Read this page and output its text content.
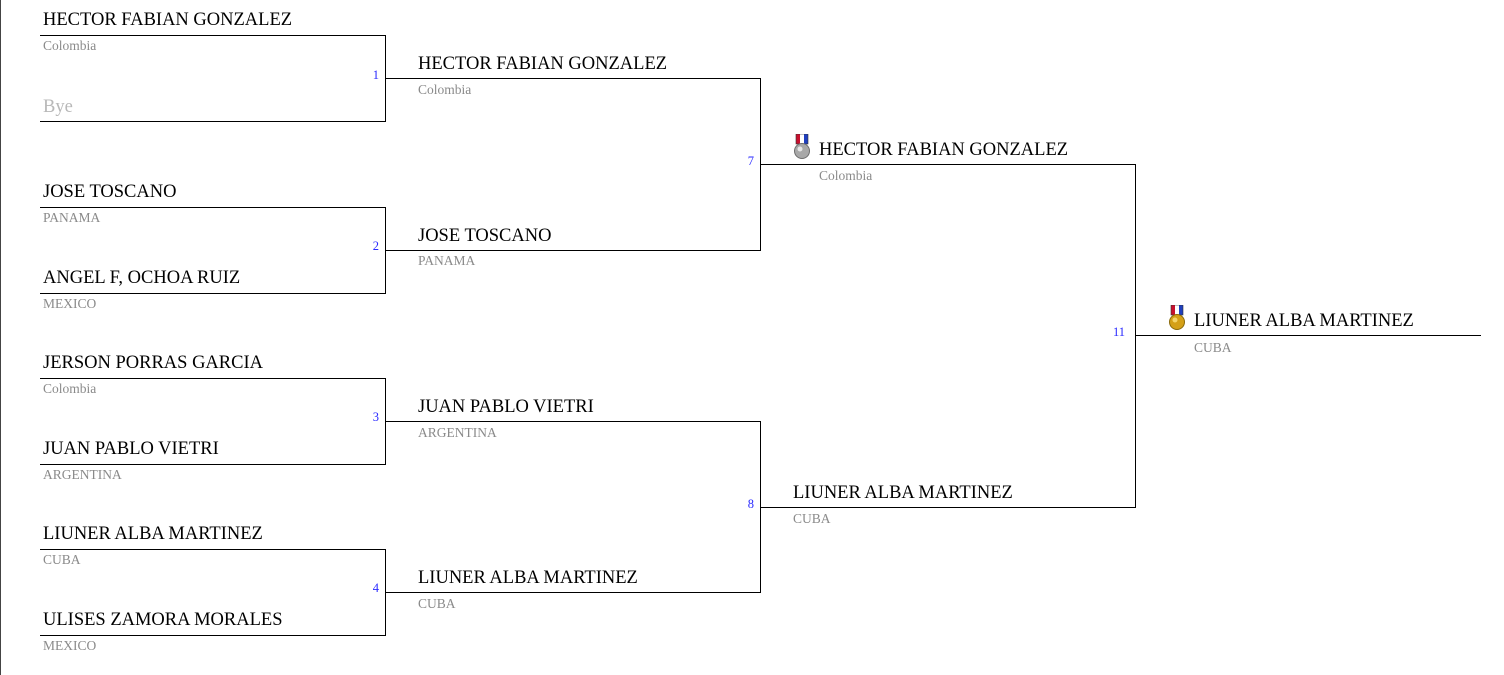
HECTOR FABIAN GONZALEZ
Colombia
Bye
1
JOSE TOSCANO
PANAMA
ANGEL F, OCHOA RUIZ
MEXICO
2
JERSON PORRAS GARCIA
Colombia
JUAN PABLO VIETRI
ARGENTINA
3
LIUNER ALBA MARTINEZ
CUBA
ULISES ZAMORA MORALES
MEXICO
4
HECTOR FABIAN GONZALEZ
Colombia
JOSE TOSCANO
PANAMA
7
JUAN PABLO VIETRI
ARGENTINA
LIUNER ALBA MARTINEZ
CUBA
8
HECTOR FABIAN GONZALEZ
Colombia
LIUNER ALBA MARTINEZ
CUBA
11
LIUNER ALBA MARTINEZ
CUBA
